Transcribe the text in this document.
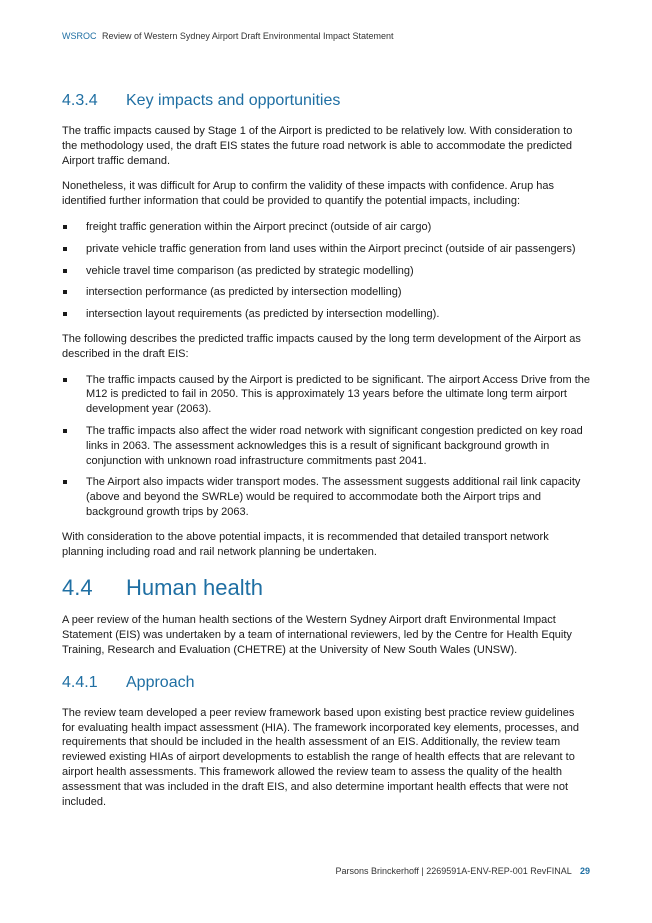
WSROC Review of Western Sydney Airport Draft Environmental Impact Statement
4.3.4	Key impacts and opportunities

The traffic impacts caused by Stage 1 of the Airport is predicted to be relatively low. With consideration to the methodology used, the draft EIS states the future road network is able to accommodate the predicted Airport traffic demand.

Nonetheless, it was difficult for Arup to confirm the validity of these impacts with confidence. Arup has identified further information that could be provided to quantify the potential impacts, including:

freight traffic generation within the Airport precinct (outside of air cargo)
private vehicle traffic generation from land uses within the Airport precinct (outside of air passengers)
vehicle travel time comparison (as predicted by strategic modelling)
intersection performance (as predicted by intersection modelling)
intersection layout requirements (as predicted by intersection modelling).

The following describes the predicted traffic impacts caused by the long term development of the Airport as described in the draft EIS:

The traffic impacts caused by the Airport is predicted to be significant. The airport Access Drive from the M12 is predicted to fail in 2050. This is approximately 13 years before the ultimate long term airport development year (2063).
The traffic impacts also affect the wider road network with significant congestion predicted on key road links in 2063. The assessment acknowledges this is a result of significant background growth in conjunction with unknown road infrastructure commitments past 2041.
The Airport also impacts wider transport modes. The assessment suggests additional rail link capacity (above and beyond the SWRLe) would be required to accommodate both the Airport trips and background growth trips by 2063.

With consideration to the above potential impacts, it is recommended that detailed transport network planning including road and rail network planning be undertaken.

4.4	Human health

A peer review of the human health sections of the Western Sydney Airport draft Environmental Impact Statement (EIS) was undertaken by a team of international reviewers, led by the Centre for Health Equity Training, Research and Evaluation (CHETRE) at the University of New South Wales (UNSW).

4.4.1	Approach

The review team developed a peer review framework based upon existing best practice review guidelines for evaluating health impact assessment (HIA). The framework incorporated key elements, processes, and requirements that should be included in the health assessment of an EIS. Additionally, the review team reviewed existing HIAs of airport developments to establish the range of health effects that are relevant to airport health assessments. This framework allowed the review team to assess the quality of the health assessment that was included in the draft EIS, and also determine important health effects that were not included.

Parsons Brinckerhoff | 2269591A-ENV-REP-001 RevFINAL 29
